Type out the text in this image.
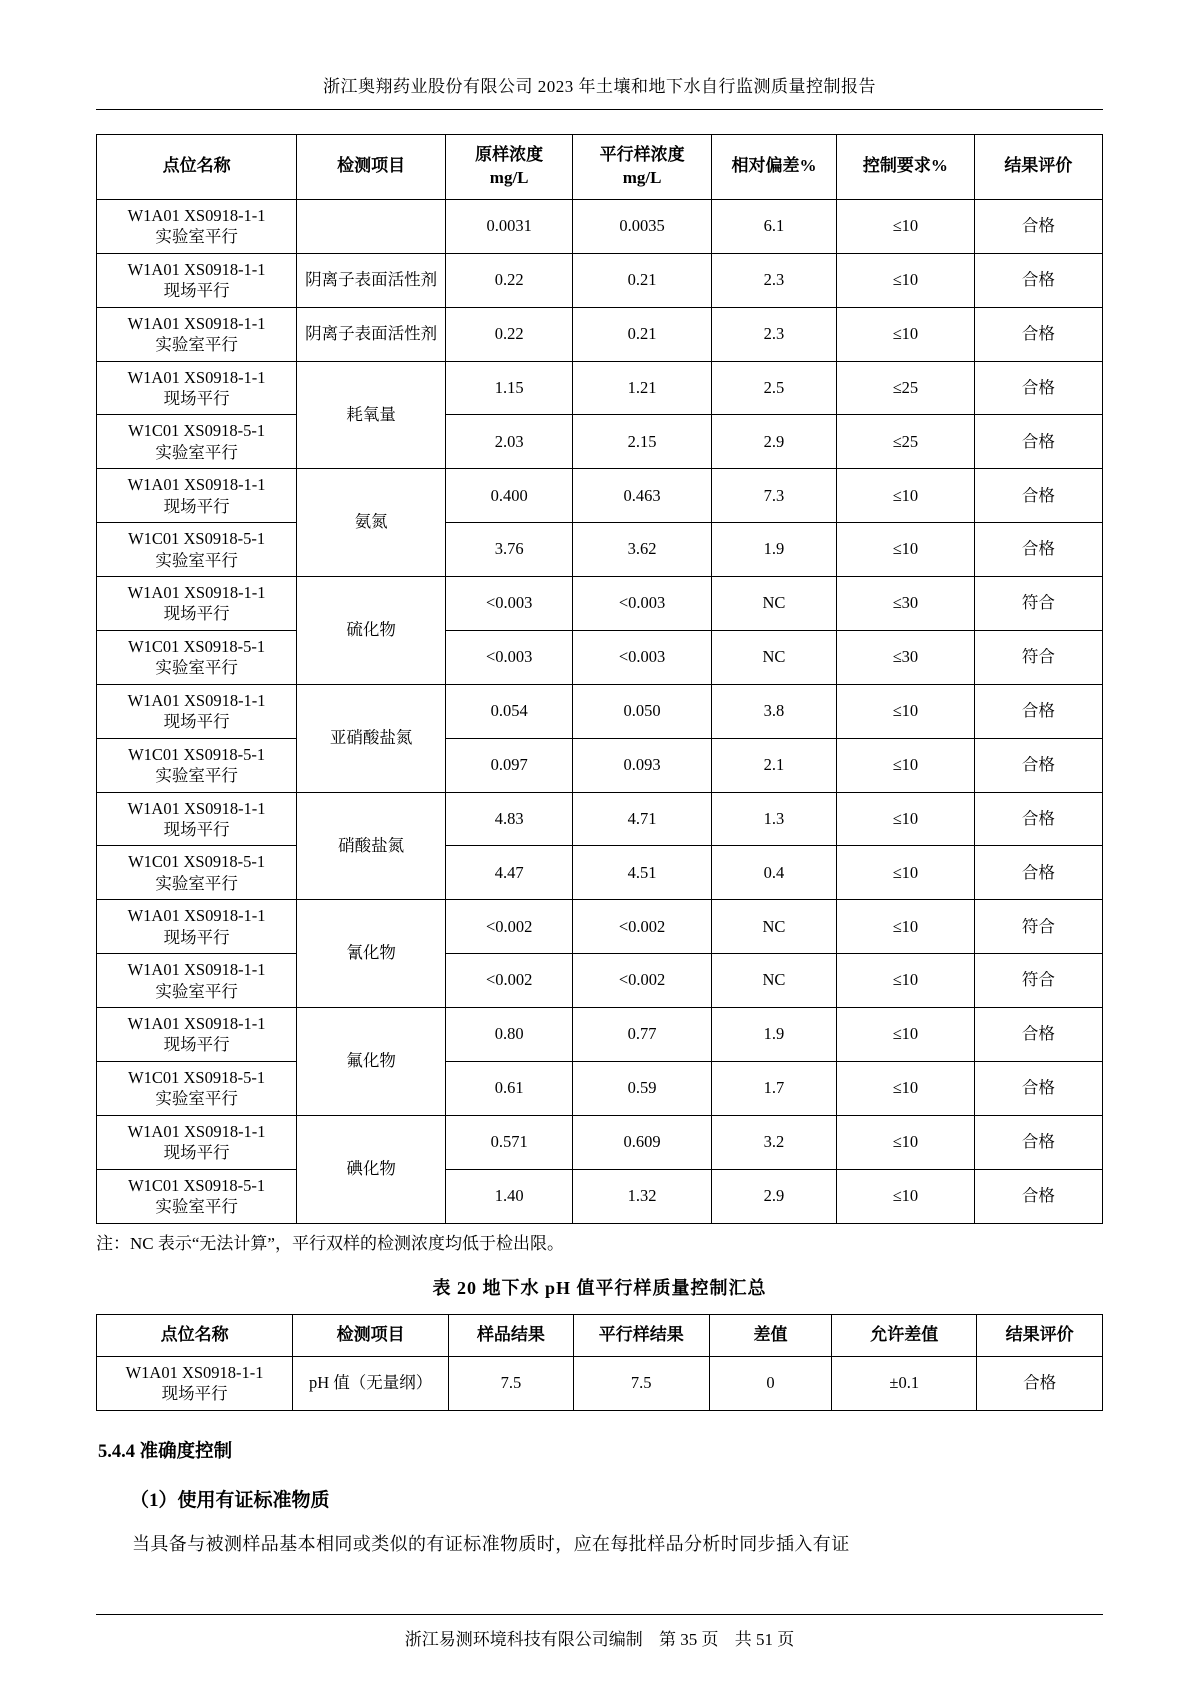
浙江奥翔药业股份有限公司 2023 年土壤和地下水自行监测质量控制报告
点位名称	检测项目	原样浓度
mg/L	平行样浓度
mg/L	相对偏差%	控制要求%	结果评价

W1A01 XS0918-1-1
实验室平行		0.0031	0.0035	6.1	≤10	合格

W1A01 XS0918-1-1
现场平行	阴离子表面活性剂	0.22	0.21	2.3	≤10	合格

W1A01 XS0918-1-1
实验室平行	阴离子表面活性剂	0.22	0.21	2.3	≤10	合格

W1A01 XS0918-1-1
现场平行	耗氧量	1.15	1.21	2.5	≤25	合格

W1C01 XS0918-5-1
实验室平行		2.03	2.15	2.9	≤25	合格

W1A01 XS0918-1-1
现场平行	氨氮	0.400	0.463	7.3	≤10	合格

W1C01 XS0918-5-1
实验室平行		3.76	3.62	1.9	≤10	合格

W1A01 XS0918-1-1
现场平行	硫化物	<0.003	<0.003	NC	≤30	符合

W1C01 XS0918-5-1
实验室平行		<0.003	<0.003	NC	≤30	符合

W1A01 XS0918-1-1
现场平行	亚硝酸盐氮	0.054	0.050	3.8	≤10	合格

W1C01 XS0918-5-1
实验室平行		0.097	0.093	2.1	≤10	合格

W1A01 XS0918-1-1
现场平行	硝酸盐氮	4.83	4.71	1.3	≤10	合格

W1C01 XS0918-5-1
实验室平行		4.47	4.51	0.4	≤10	合格

W1A01 XS0918-1-1
现场平行	氰化物	<0.002	<0.002	NC	≤10	符合

W1A01 XS0918-1-1
实验室平行		<0.002	<0.002	NC	≤10	符合

W1A01 XS0918-1-1
现场平行	氟化物	0.80	0.77	1.9	≤10	合格

W1C01 XS0918-5-1
实验室平行		0.61	0.59	1.7	≤10	合格

W1A01 XS0918-1-1
现场平行	碘化物	0.571	0.609	3.2	≤10	合格

W1C01 XS0918-5-1
实验室平行		1.40	1.32	2.9	≤10	合格
注：NC 表示“无法计算”，平行双样的检测浓度均低于检出限。
表 20 地下水 pH 值平行样质量控制汇总
点位名称	检测项目	样品结果	平行样结果	差值	允许差值	结果评价

W1A01 XS0918-1-1
现场平行	pH 值（无量纲）	7.5	7.5	0	±0.1	合格
5.4.4 准确度控制
（1）使用有证标准物质
当具备与被测样品基本相同或类似的有证标准物质时，应在每批样品分析时同步插入有证
浙江易测环境科技有限公司编制 第 35 页 共 51 页
